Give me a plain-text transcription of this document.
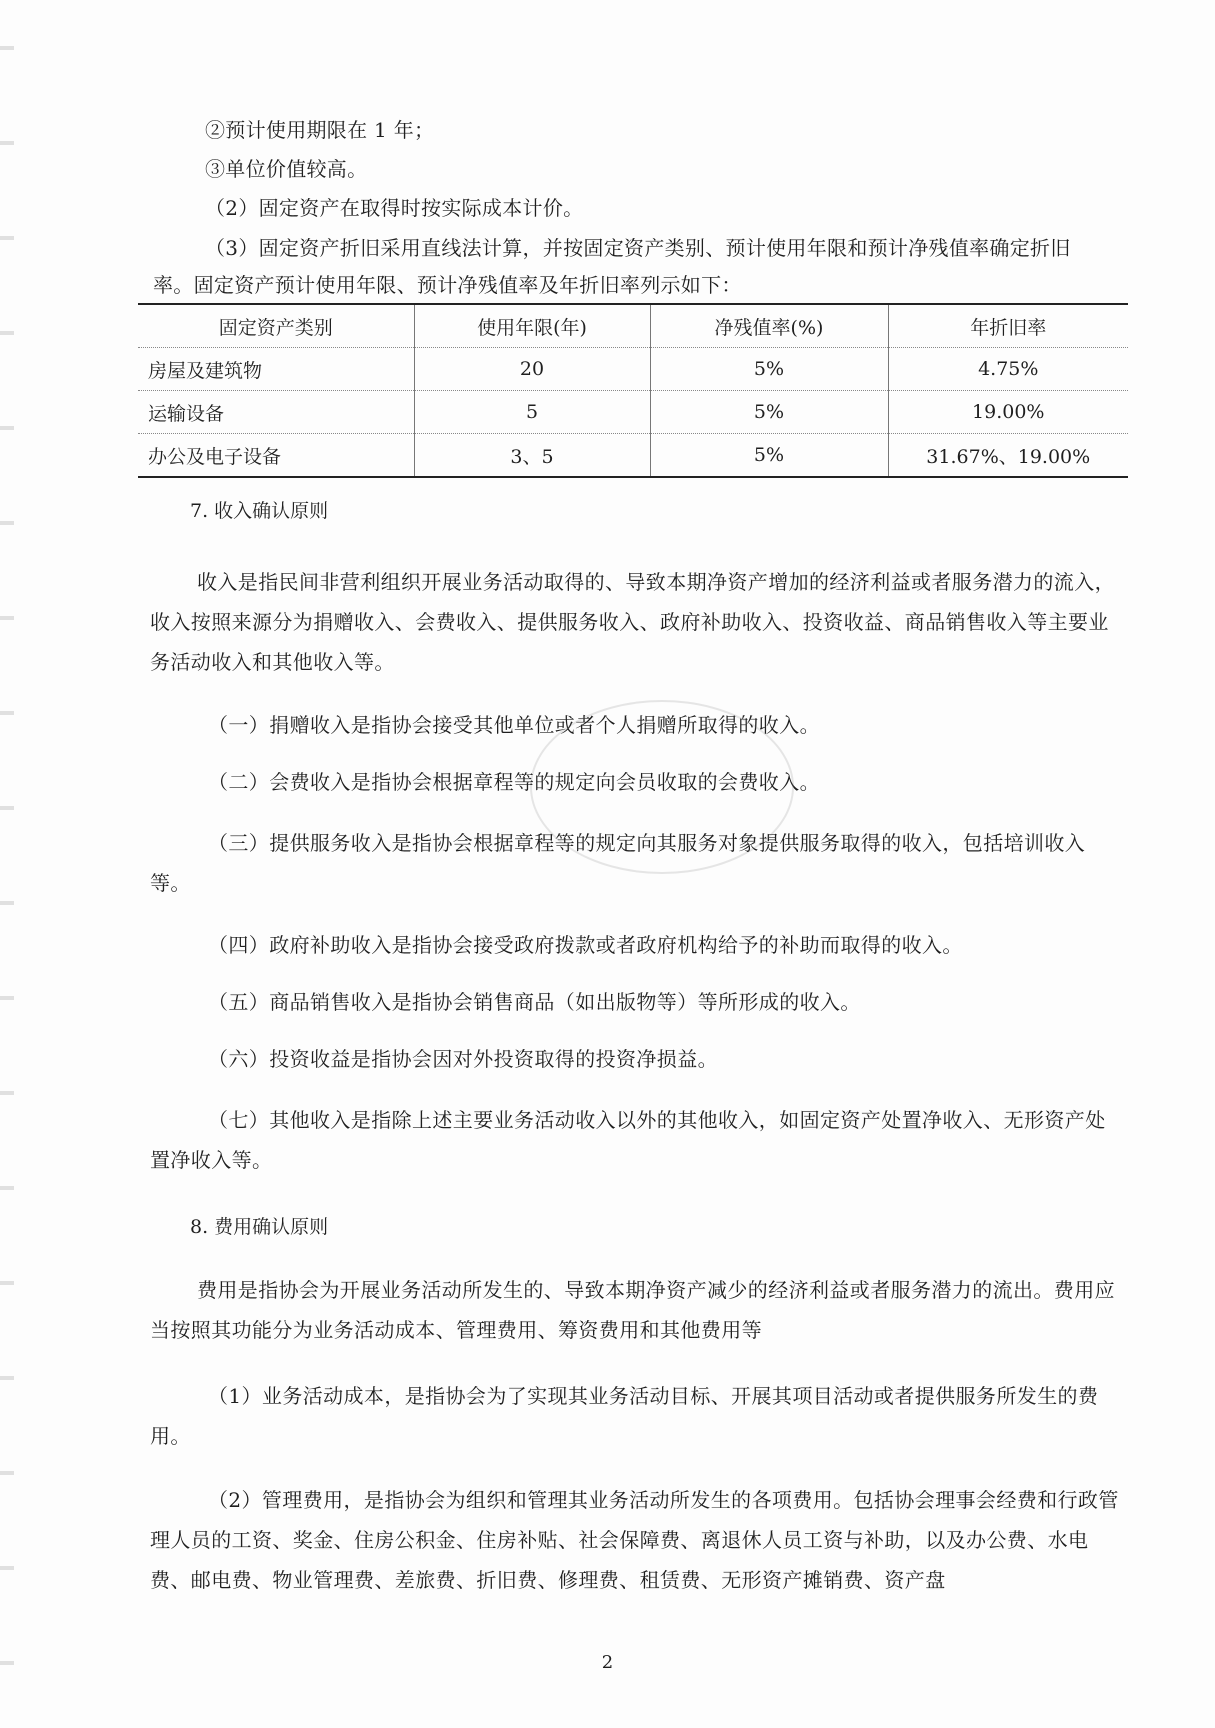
②预计使用期限在 1 年；
③单位价值较高。
（2）固定资产在取得时按实际成本计价。
（3）固定资产折旧采用直线法计算，并按固定资产类别、预计使用年限和预计净残值率确定折旧
率。固定资产预计使用年限、预计净残值率及年折旧率列示如下：
固定资产类别	使用年限(年)	净残值率(%)	年折旧率
房屋及建筑物	20	5%	4.75%
运输设备	5	5%	19.00%
办公及电子设备	3、5	5%	31.67%、19.00%
7. 收入确认原则
收入是指民间非营利组织开展业务活动取得的、导致本期净资产增加的经济利益或者服务潜力的流入，收入按照来源分为捐赠收入、会费收入、提供服务收入、政府补助收入、投资收益、商品销售收入等主要业务活动收入和其他收入等。
（一）捐赠收入是指协会接受其他单位或者个人捐赠所取得的收入。
（二）会费收入是指协会根据章程等的规定向会员收取的会费收入。
（三）提供服务收入是指协会根据章程等的规定向其服务对象提供服务取得的收入，包括培训收入等。
（四）政府补助收入是指协会接受政府拨款或者政府机构给予的补助而取得的收入。
（五）商品销售收入是指协会销售商品（如出版物等）等所形成的收入。
（六）投资收益是指协会因对外投资取得的投资净损益。
（七）其他收入是指除上述主要业务活动收入以外的其他收入，如固定资产处置净收入、无形资产处置净收入等。
8. 费用确认原则
费用是指协会为开展业务活动所发生的、导致本期净资产减少的经济利益或者服务潜力的流出。费用应当按照其功能分为业务活动成本、管理费用、筹资费用和其他费用等
（1）业务活动成本，是指协会为了实现其业务活动目标、开展其项目活动或者提供服务所发生的费用。
（2）管理费用，是指协会为组织和管理其业务活动所发生的各项费用。包括协会理事会经费和行政管理人员的工资、奖金、住房公积金、住房补贴、社会保障费、离退休人员工资与补助，以及办公费、水电费、邮电费、物业管理费、差旅费、折旧费、修理费、租赁费、无形资产摊销费、资产盘
2
